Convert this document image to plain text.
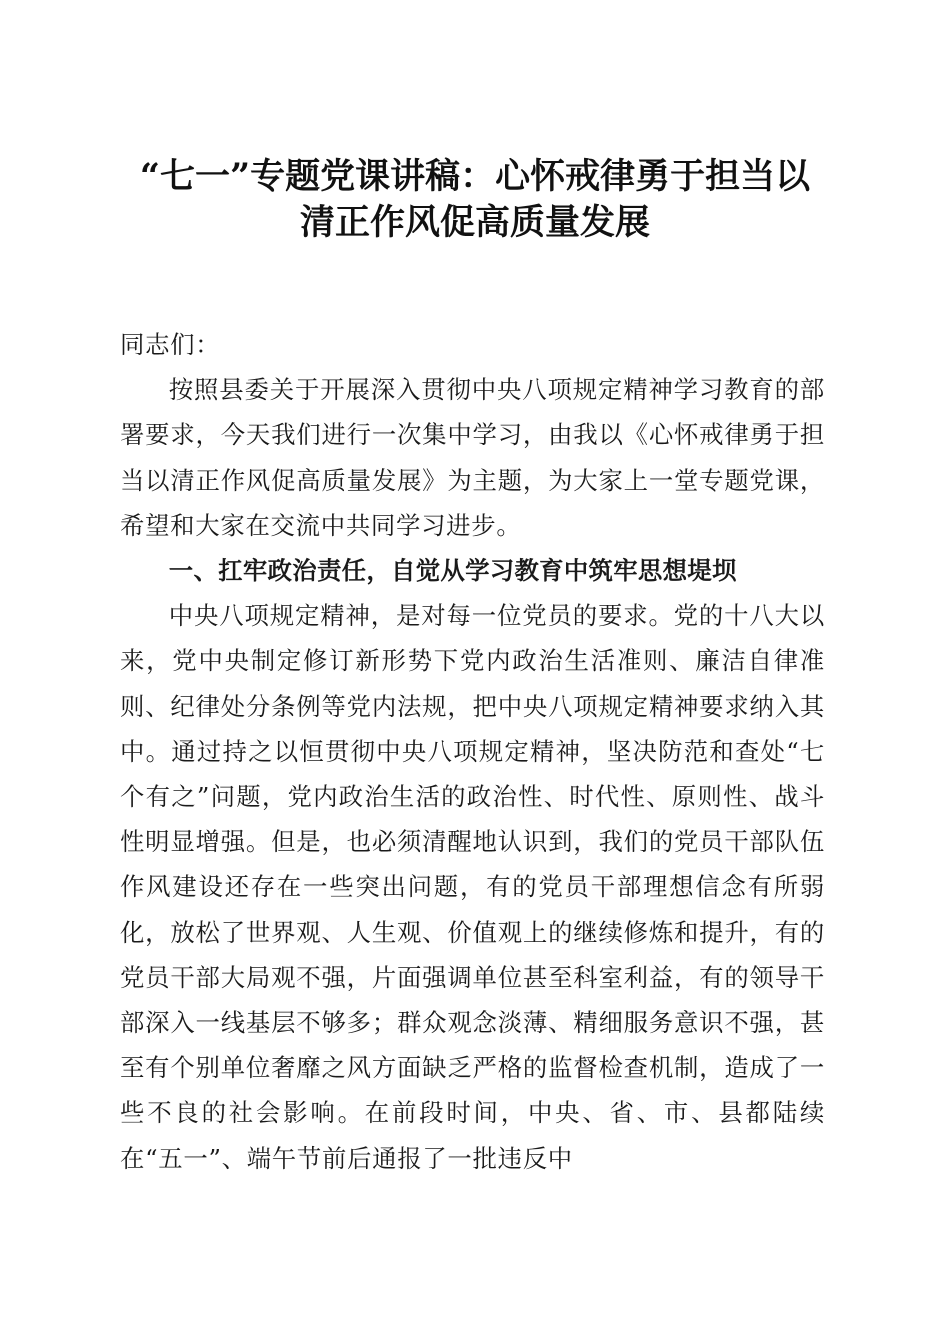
“七一”专题党课讲稿：心怀戒律勇于担当以
清正作风促高质量发展

同志们：

按照县委关于开展深入贯彻中央八项规定精神学习教育的部署要求，今天我们进行一次集中学习，由我以《心怀戒律勇于担当以清正作风促高质量发展》为主题，为大家上一堂专题党课，希望和大家在交流中共同学习进步。

一、扛牢政治责任，自觉从学习教育中筑牢思想堤坝

中央八项规定精神，是对每一位党员的要求。党的十八大以来，党中央制定修订新形势下党内政治生活准则、廉洁自律准则、纪律处分条例等党内法规，把中央八项规定精神要求纳入其中。通过持之以恒贯彻中央八项规定精神，坚决防范和查处“七个有之”问题，党内政治生活的政治性、时代性、原则性、战斗性明显增强。但是，也必须清醒地认识到，我们的党员干部队伍作风建设还存在一些突出问题，有的党员干部理想信念有所弱化，放松了世界观、人生观、价值观上的继续修炼和提升，有的党员干部大局观不强，片面强调单位甚至科室利益，有的领导干部深入一线基层不够多；群众观念淡薄、精细服务意识不强，甚至有个别单位奢靡之风方面缺乏严格的监督检查机制，造成了一些不良的社会影响。在前段时间，中央、省、市、县都陆续在“五一”、端午节前后通报了一批违反中
